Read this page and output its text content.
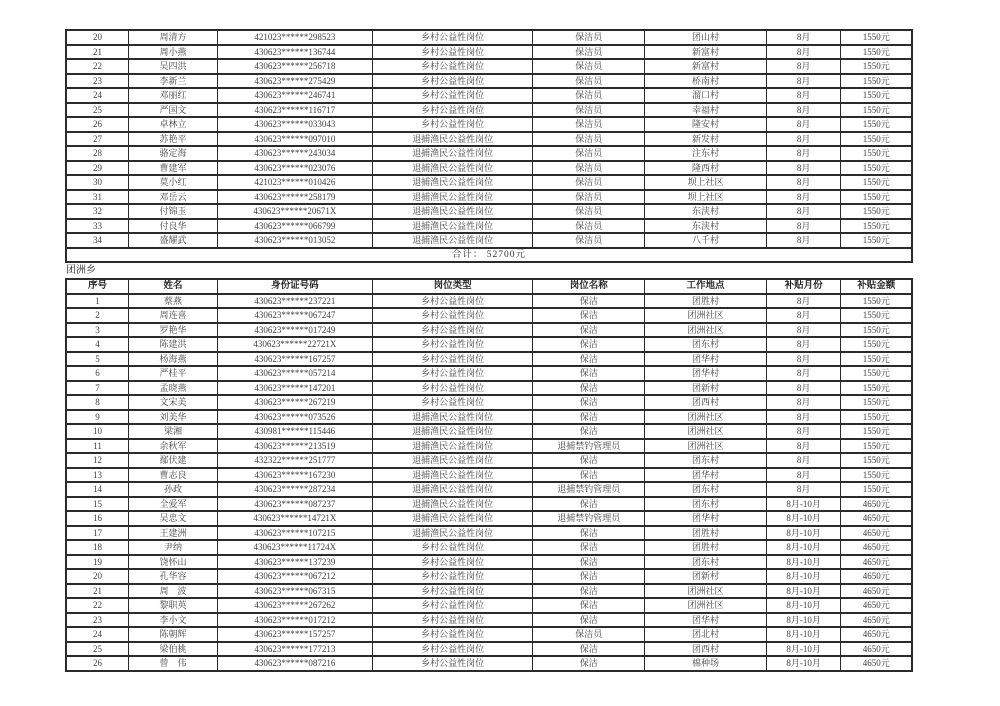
20	周清方	421023******298523	乡村公益性岗位	保洁员	团山村	8月	1550元
21	周小燕	430623******136744	乡村公益性岗位	保洁员	新富村	8月	1550元
22	吴四洪	430623******256718	乡村公益性岗位	保洁员	新富村	8月	1550元
23	李新兰	430623******275429	乡村公益性岗位	保洁员	桥南村	8月	1550元
24	邓丽红	430623******246741	乡村公益性岗位	保洁员	溜口村	8月	1550元
25	严国文	430623******116717	乡村公益性岗位	保洁员	幸福村	8月	1550元
26	卓林立	430623******033043	乡村公益性岗位	保洁员	隆安村	8月	1550元
27	苏艳平	430623******097010	退捕渔民公益性岗位	保洁员	新发村	8月	1550元
28	骆定海	430623******243034	退捕渔民公益性岗位	保洁员	注东村	8月	1550元
29	曹建军	430623******023076	退捕渔民公益性岗位	保洁员	隆西村	8月	1550元
30	莫小红	421023******010426	退捕渔民公益性岗位	保洁员	坝上社区	8月	1550元
31	邓岳云	430623******258179	退捕渔民公益性岗位	保洁员	坝上社区	8月	1550元
32	付锦玉	430623******20671X	退捕渔民公益性岗位	保洁员	东浃村	8月	1550元
33	付良华	430623******066799	退捕渔民公益性岗位	保洁员	东浃村	8月	1550元
34	盛耀武	430623******013052	退捕渔民公益性岗位	保洁员	八千村	8月	1550元
合计： 52700元							
团洲乡
序号	姓名	身份证号码	岗位类型	岗位名称	工作地点	补贴月份	补贴金额
1	蔡燕	430623******237221	乡村公益性岗位	保洁	团胜村	8月	1550元
2	周连喜	430623******067247	乡村公益性岗位	保洁	团洲社区	8月	1550元
3	罗艳华	430623******017249	乡村公益性岗位	保洁	团洲社区	8月	1550元
4	陈建洪	430623******22721X	乡村公益性岗位	保洁	团东村	8月	1550元
5	杨海燕	430623******167257	乡村公益性岗位	保洁	团华村	8月	1550元
6	严桂平	430623******057214	乡村公益性岗位	保洁	团华村	8月	1550元
7	孟晓燕	430623******147201	乡村公益性岗位	保洁	团新村	8月	1550元
8	文宋美	430623******267219	乡村公益性岗位	保洁	团西村	8月	1550元
9	刘美华	430623******073526	退捕渔民公益性岗位	保洁	团洲社区	8月	1550元
10	梁湘	430981******115446	退捕渔民公益性岗位	保洁	团洲社区	8月	1550元
11	余秋军	430623******213519	退捕渔民公益性岗位	退捕禁钓管理员	团洲社区	8月	1550元
12	鄢伏建	432322******251777	退捕渔民公益性岗位	保洁	团东村	8月	1550元
13	曹志良	430623******167230	退捕渔民公益性岗位	保洁	团华村	8月	1550元
14	孙政	430623******287234	退捕渔民公益性岗位	退捕禁钓管理员	团东村	8月	1550元
15	全爱军	430623******087237	退捕渔民公益性岗位	保洁	团东村	8月-10月	4650元
16	吴忠文	430623******14721X	退捕渔民公益性岗位	退捕禁钓管理员	团华村	8月-10月	4650元
17	王建洲	430623******107215	退捕渔民公益性岗位	保洁	团胜村	8月-10月	4650元
18	尹纳	430623******11724X	乡村公益性岗位	保洁	团胜村	8月-10月	4650元
19	饶怀山	430623******137239	乡村公益性岗位	保洁	团东村	8月-10月	4650元
20	孔华容	430623******067212	乡村公益性岗位	保洁	团新村	8月-10月	4650元
21	周　波	430623******067315	乡村公益性岗位	保洁	团洲社区	8月-10月	4650元
22	黎职英	430623******267262	乡村公益性岗位	保洁	团洲社区	8月-10月	4650元
23	李小文	430623******017212	乡村公益性岗位	保洁	团华村	8月-10月	4650元
24	陈朝辉	430623******157257	乡村公益性岗位	保洁员	团北村	8月-10月	4650元
25	梁伯桃	430623******177213	乡村公益性岗位	保洁	团西村	8月-10月	4650元
26	曾　伟	430623******087216	乡村公益性岗位	保洁	棉种场	8月-10月	4650元
